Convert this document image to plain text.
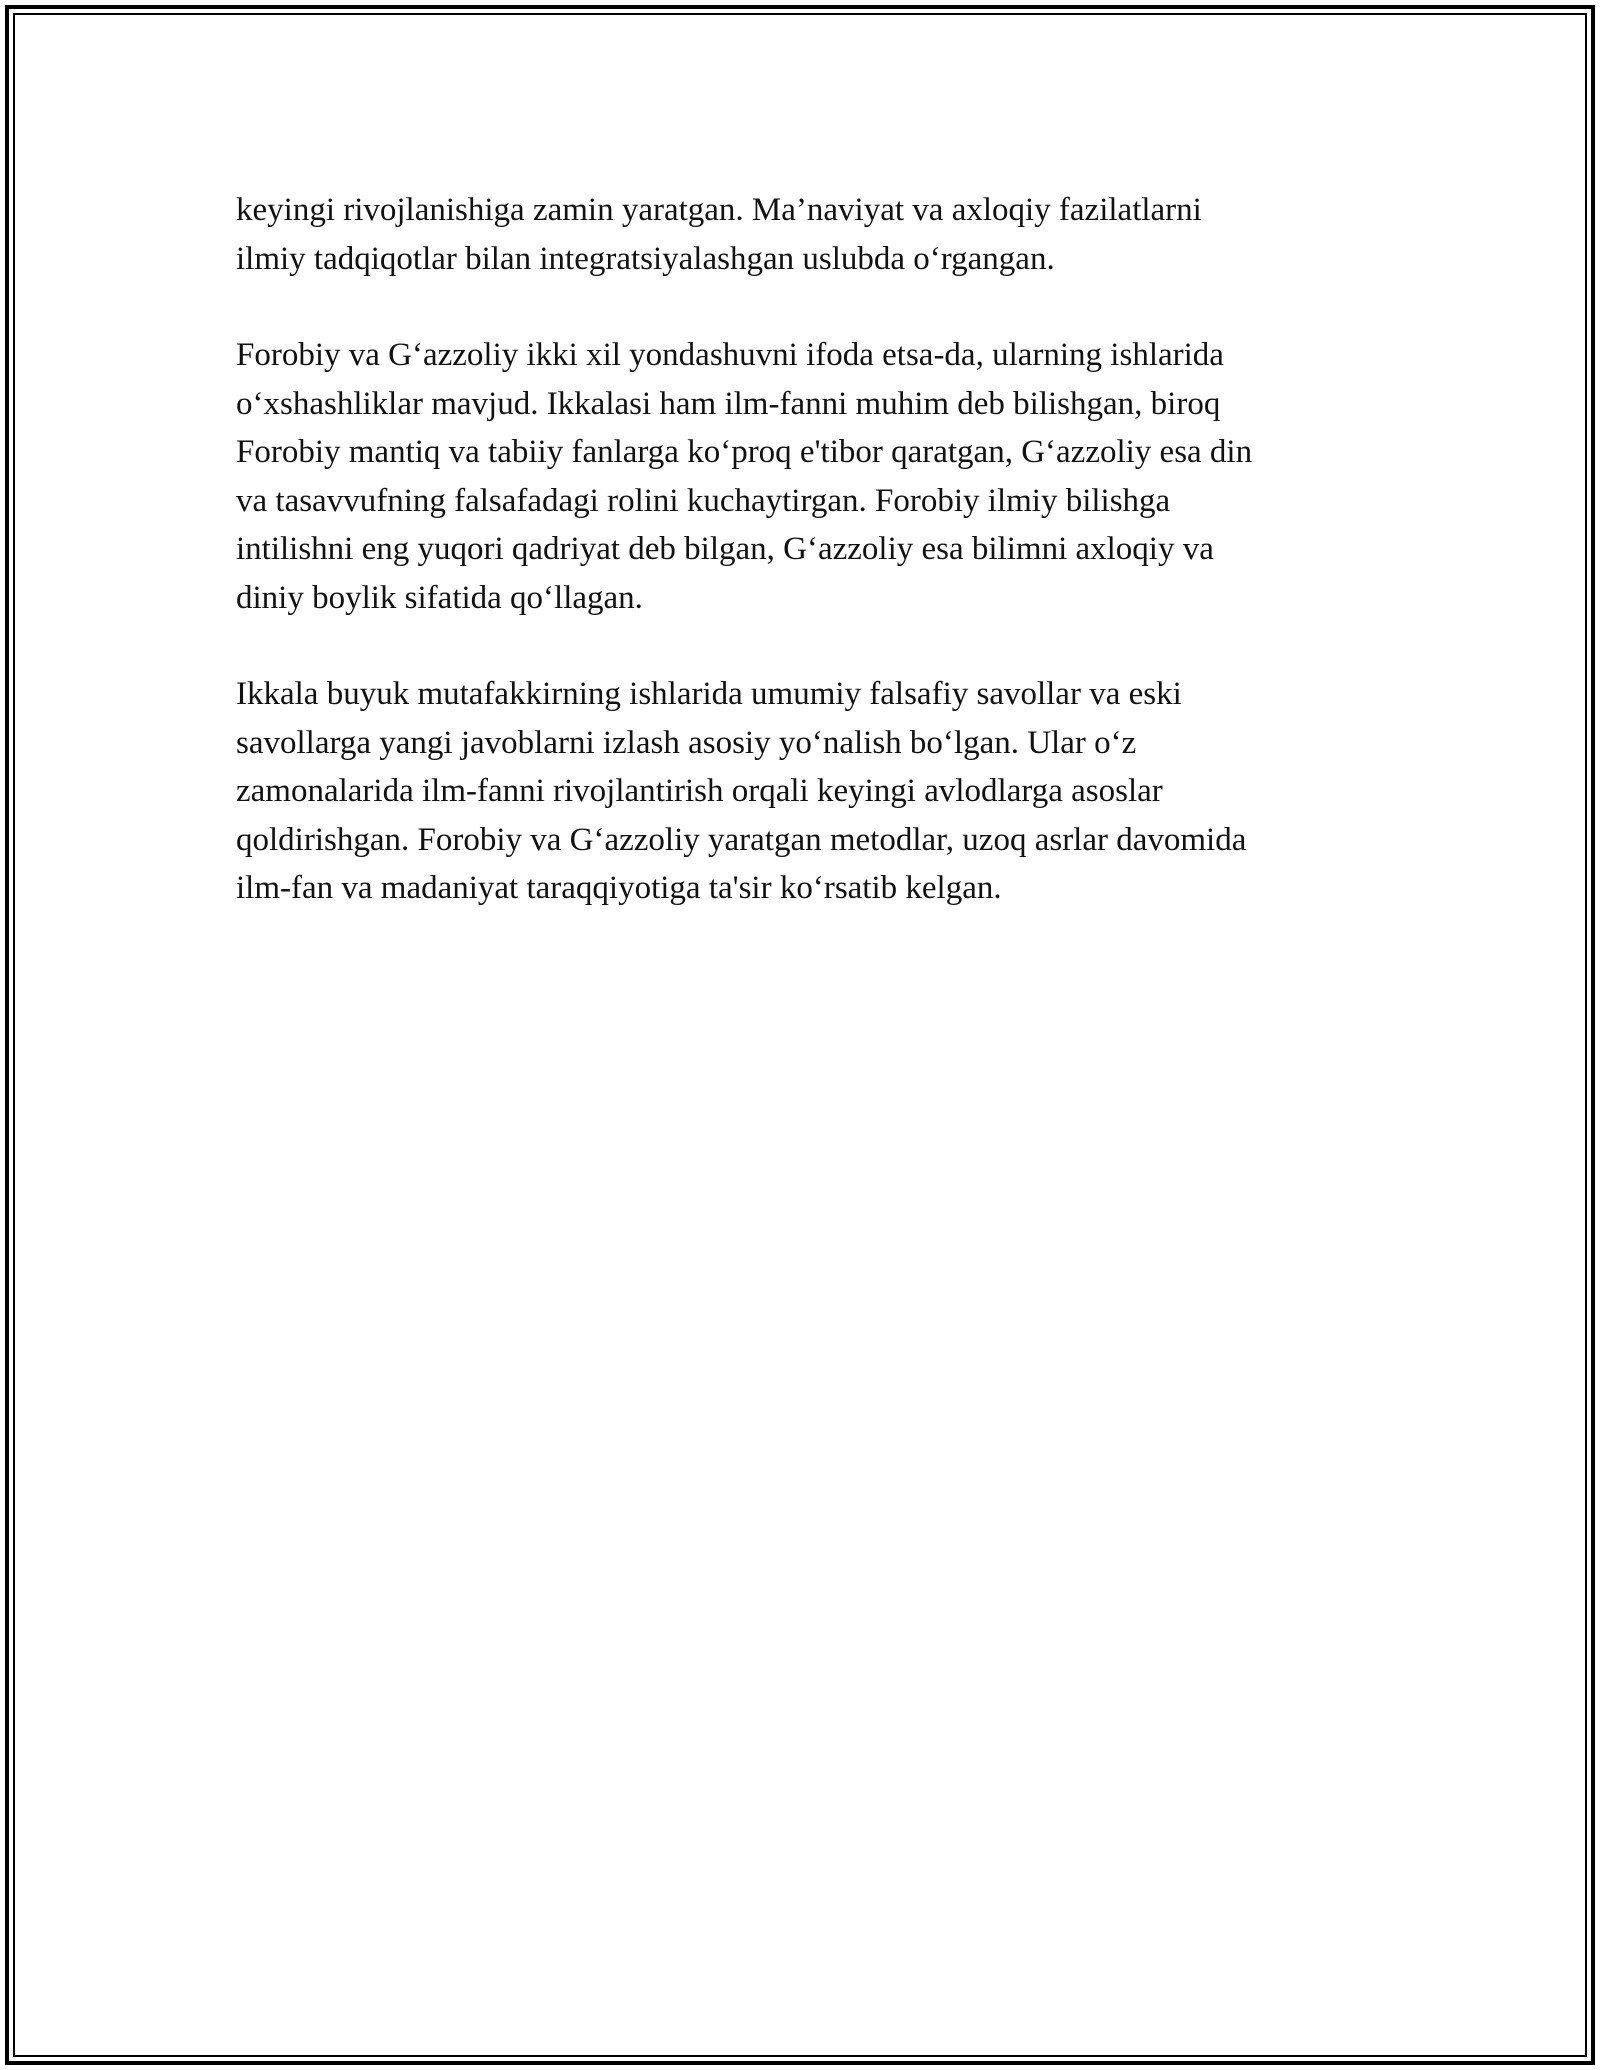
keyingi rivojlanishiga zamin yaratgan. Ma’naviyat va axloqiy fazilatlarni
ilmiy tadqiqotlar bilan integratsiyalashgan uslubda o‘rgangan.

Forobiy va G‘azzoliy ikki xil yondashuvni ifoda etsa-da, ularning ishlarida
o‘xshashliklar mavjud. Ikkalasi ham ilm-fanni muhim deb bilishgan, biroq
Forobiy mantiq va tabiiy fanlarga ko‘proq e'tibor qaratgan, G‘azzoliy esa din
va tasavvufning falsafadagi rolini kuchaytirgan. Forobiy ilmiy bilishga
intilishni eng yuqori qadriyat deb bilgan, G‘azzoliy esa bilimni axloqiy va
diniy boylik sifatida qo‘llagan.

Ikkala buyuk mutafakkirning ishlarida umumiy falsafiy savollar va eski
savollarga yangi javoblarni izlash asosiy yo‘nalish bo‘lgan. Ular o‘z
zamonalarida ilm-fanni rivojlantirish orqali keyingi avlodlarga asoslar
qoldirishgan. Forobiy va G‘azzoliy yaratgan metodlar, uzoq asrlar davomida
ilm-fan va madaniyat taraqqiyotiga ta'sir ko‘rsatib kelgan.
